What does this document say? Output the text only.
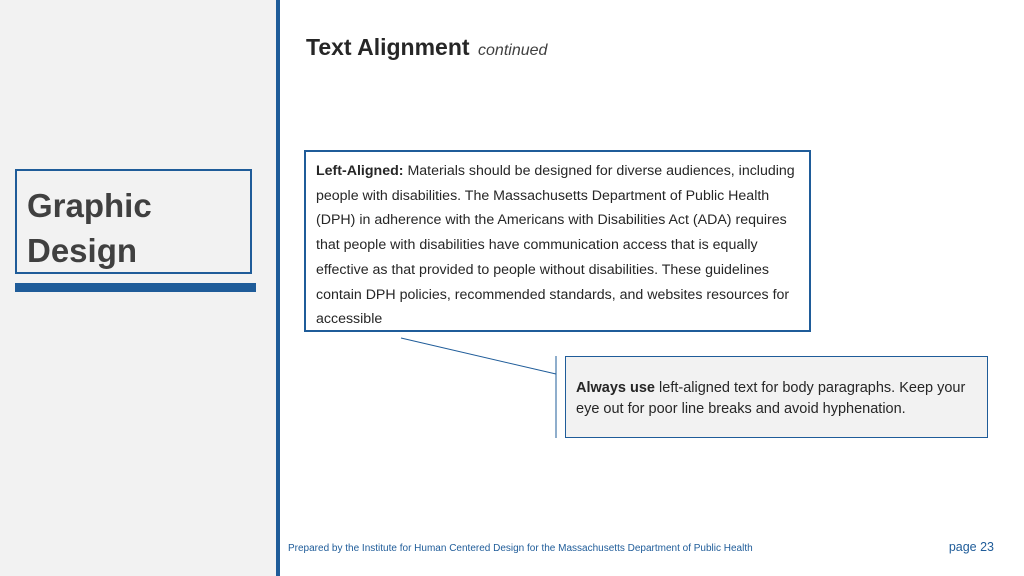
Graphic
Design
Text Alignment continued
Left-Aligned: Materials should be designed for diverse audiences, including people with disabilities. The Massachusetts Department of Public Health (DPH) in adherence with the Americans with Disabilities Act (ADA) requires that people with disabilities have communication access that is equally effective as that provided to people without disabilities. These guidelines contain DPH policies, recommended standards, and websites resources for accessible
Always use left-aligned text for body paragraphs. Keep your eye out for poor line breaks and avoid hyphenation.
Prepared by the Institute for Human Centered Design for the Massachusetts Department of Public Health	page 23
